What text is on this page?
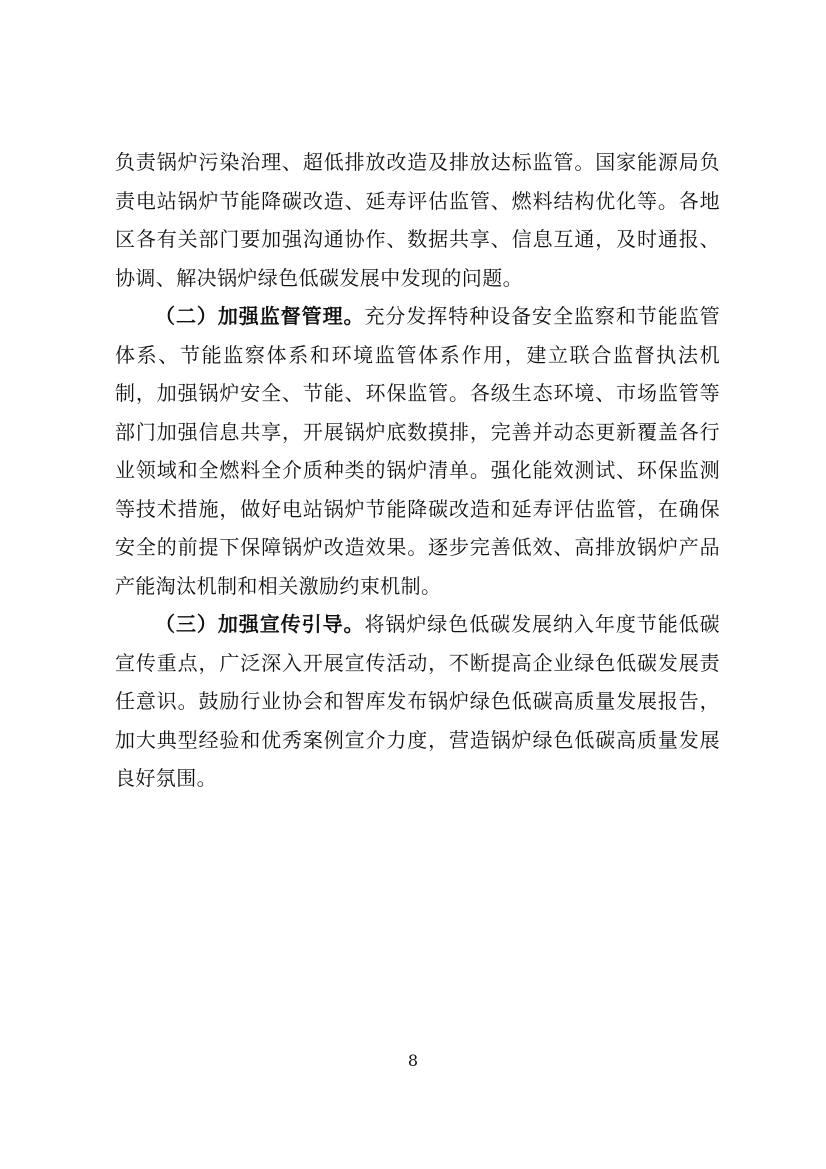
负责锅炉污染治理、超低排放改造及排放达标监管。国家能源局负责电站锅炉节能降碳改造、延寿评估监管、燃料结构优化等。各地区各有关部门要加强沟通协作、数据共享、信息互通，及时通报、协调、解决锅炉绿色低碳发展中发现的问题。

（二）加强监督管理。充分发挥特种设备安全监察和节能监管体系、节能监察体系和环境监管体系作用，建立联合监督执法机制，加强锅炉安全、节能、环保监管。各级生态环境、市场监管等部门加强信息共享，开展锅炉底数摸排，完善并动态更新覆盖各行业领域和全燃料全介质种类的锅炉清单。强化能效测试、环保监测等技术措施，做好电站锅炉节能降碳改造和延寿评估监管，在确保安全的前提下保障锅炉改造效果。逐步完善低效、高排放锅炉产品产能淘汰机制和相关激励约束机制。

（三）加强宣传引导。将锅炉绿色低碳发展纳入年度节能低碳宣传重点，广泛深入开展宣传活动，不断提高企业绿色低碳发展责任意识。鼓励行业协会和智库发布锅炉绿色低碳高质量发展报告，加大典型经验和优秀案例宣介力度，营造锅炉绿色低碳高质量发展良好氛围。

8
